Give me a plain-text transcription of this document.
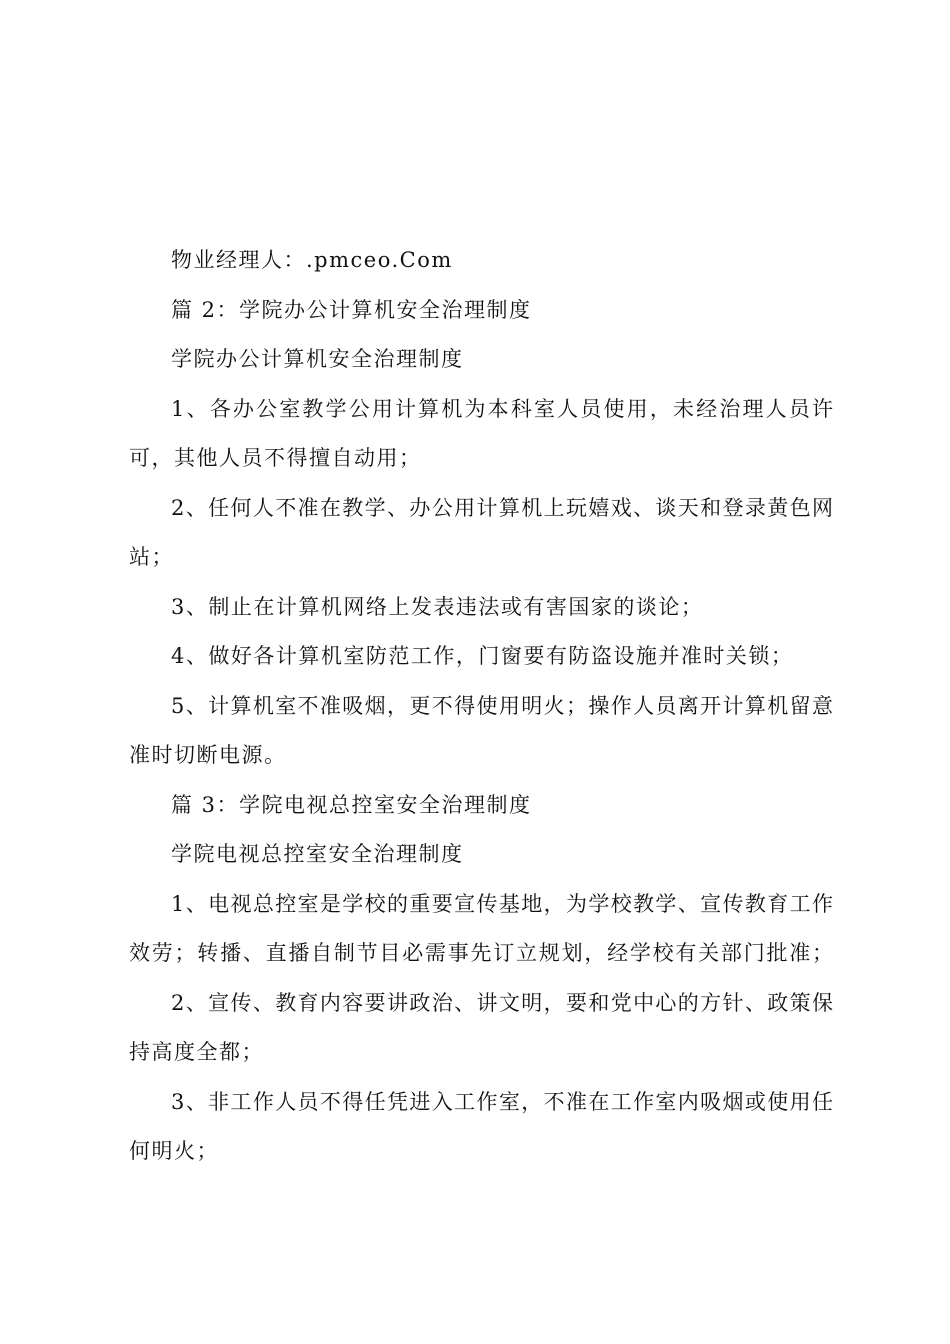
物业经理人：.pmceo.Com
篇 2：学院办公计算机安全治理制度
学院办公计算机安全治理制度
1、各办公室教学公用计算机为本科室人员使用，未经治理人员许
可，其他人员不得擅自动用；
2、任何人不准在教学、办公用计算机上玩嬉戏、谈天和登录黄色网
站；
3、制止在计算机网络上发表违法或有害国家的谈论；
4、做好各计算机室防范工作，门窗要有防盗设施并准时关锁；
5、计算机室不准吸烟，更不得使用明火；操作人员离开计算机留意
准时切断电源。
篇 3：学院电视总控室安全治理制度
学院电视总控室安全治理制度
1、电视总控室是学校的重要宣传基地，为学校教学、宣传教育工作
效劳；转播、直播自制节目必需事先订立规划，经学校有关部门批准；
2、宣传、教育内容要讲政治、讲文明，要和党中心的方针、政策保
持高度全都；
3、非工作人员不得任凭进入工作室，不准在工作室内吸烟或使用任
何明火；
